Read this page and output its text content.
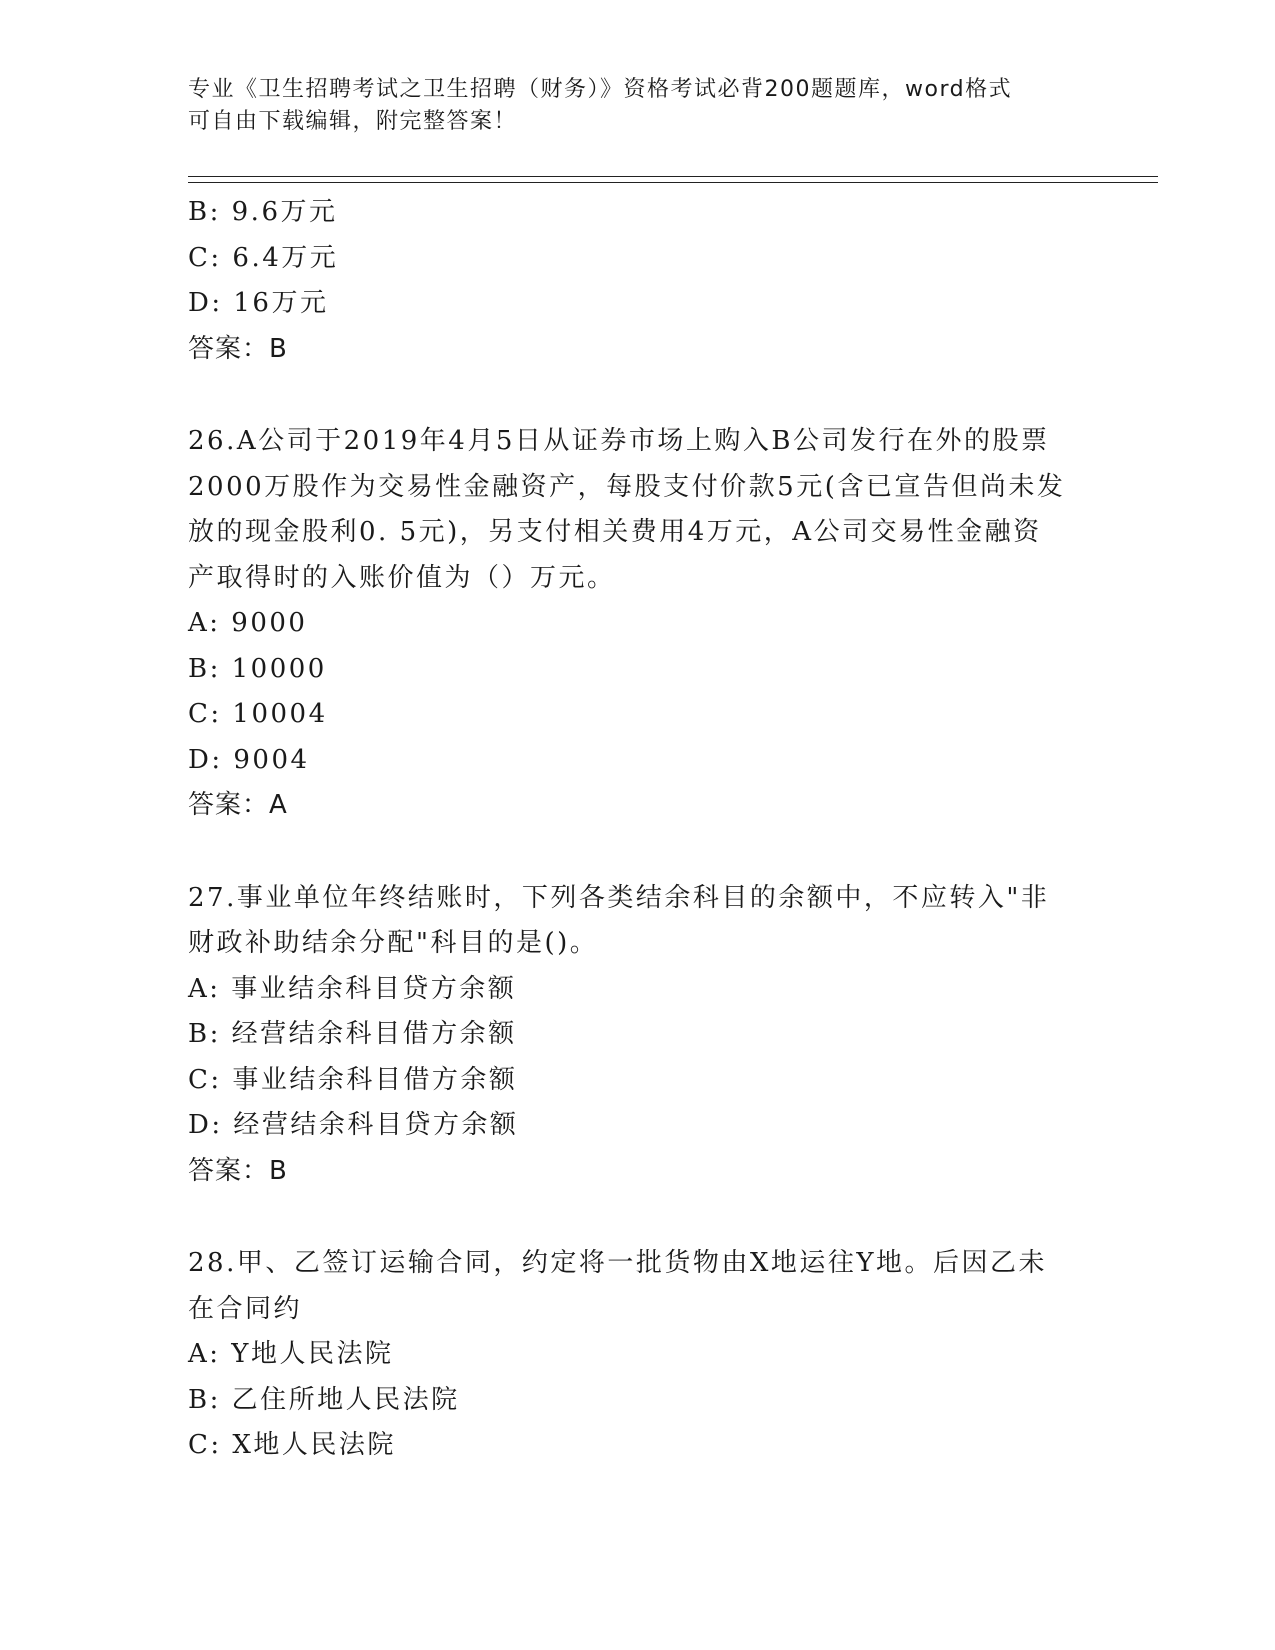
专业《卫生招聘考试之卫生招聘（财务）》资格考试必背200题题库，word格式
可自由下载编辑，附完整答案！
B: 9.6万元
C: 6.4万元
D: 16万元
答案：B
26.A公司于2019年4月5日从证券市场上购入B公司发行在外的股票
2000万股作为交易性金融资产，每股支付价款5元(含已宣告但尚未发
放的现金股利0. 5元)，另支付相关费用4万元，A公司交易性金融资
产取得时的入账价值为（）万元。
A: 9000
B: 10000
C: 10004
D: 9004
答案：A
27.事业单位年终结账时，下列各类结余科目的余额中，不应转入"非
财政补助结余分配"科目的是()。
A: 事业结余科目贷方余额
B: 经营结余科目借方余额
C: 事业结余科目借方余额
D: 经营结余科目贷方余额
答案：B
28.甲、乙签订运输合同，约定将一批货物由X地运往Y地。后因乙未
在合同约
A: Y地人民法院
B: 乙住所地人民法院
C: X地人民法院
